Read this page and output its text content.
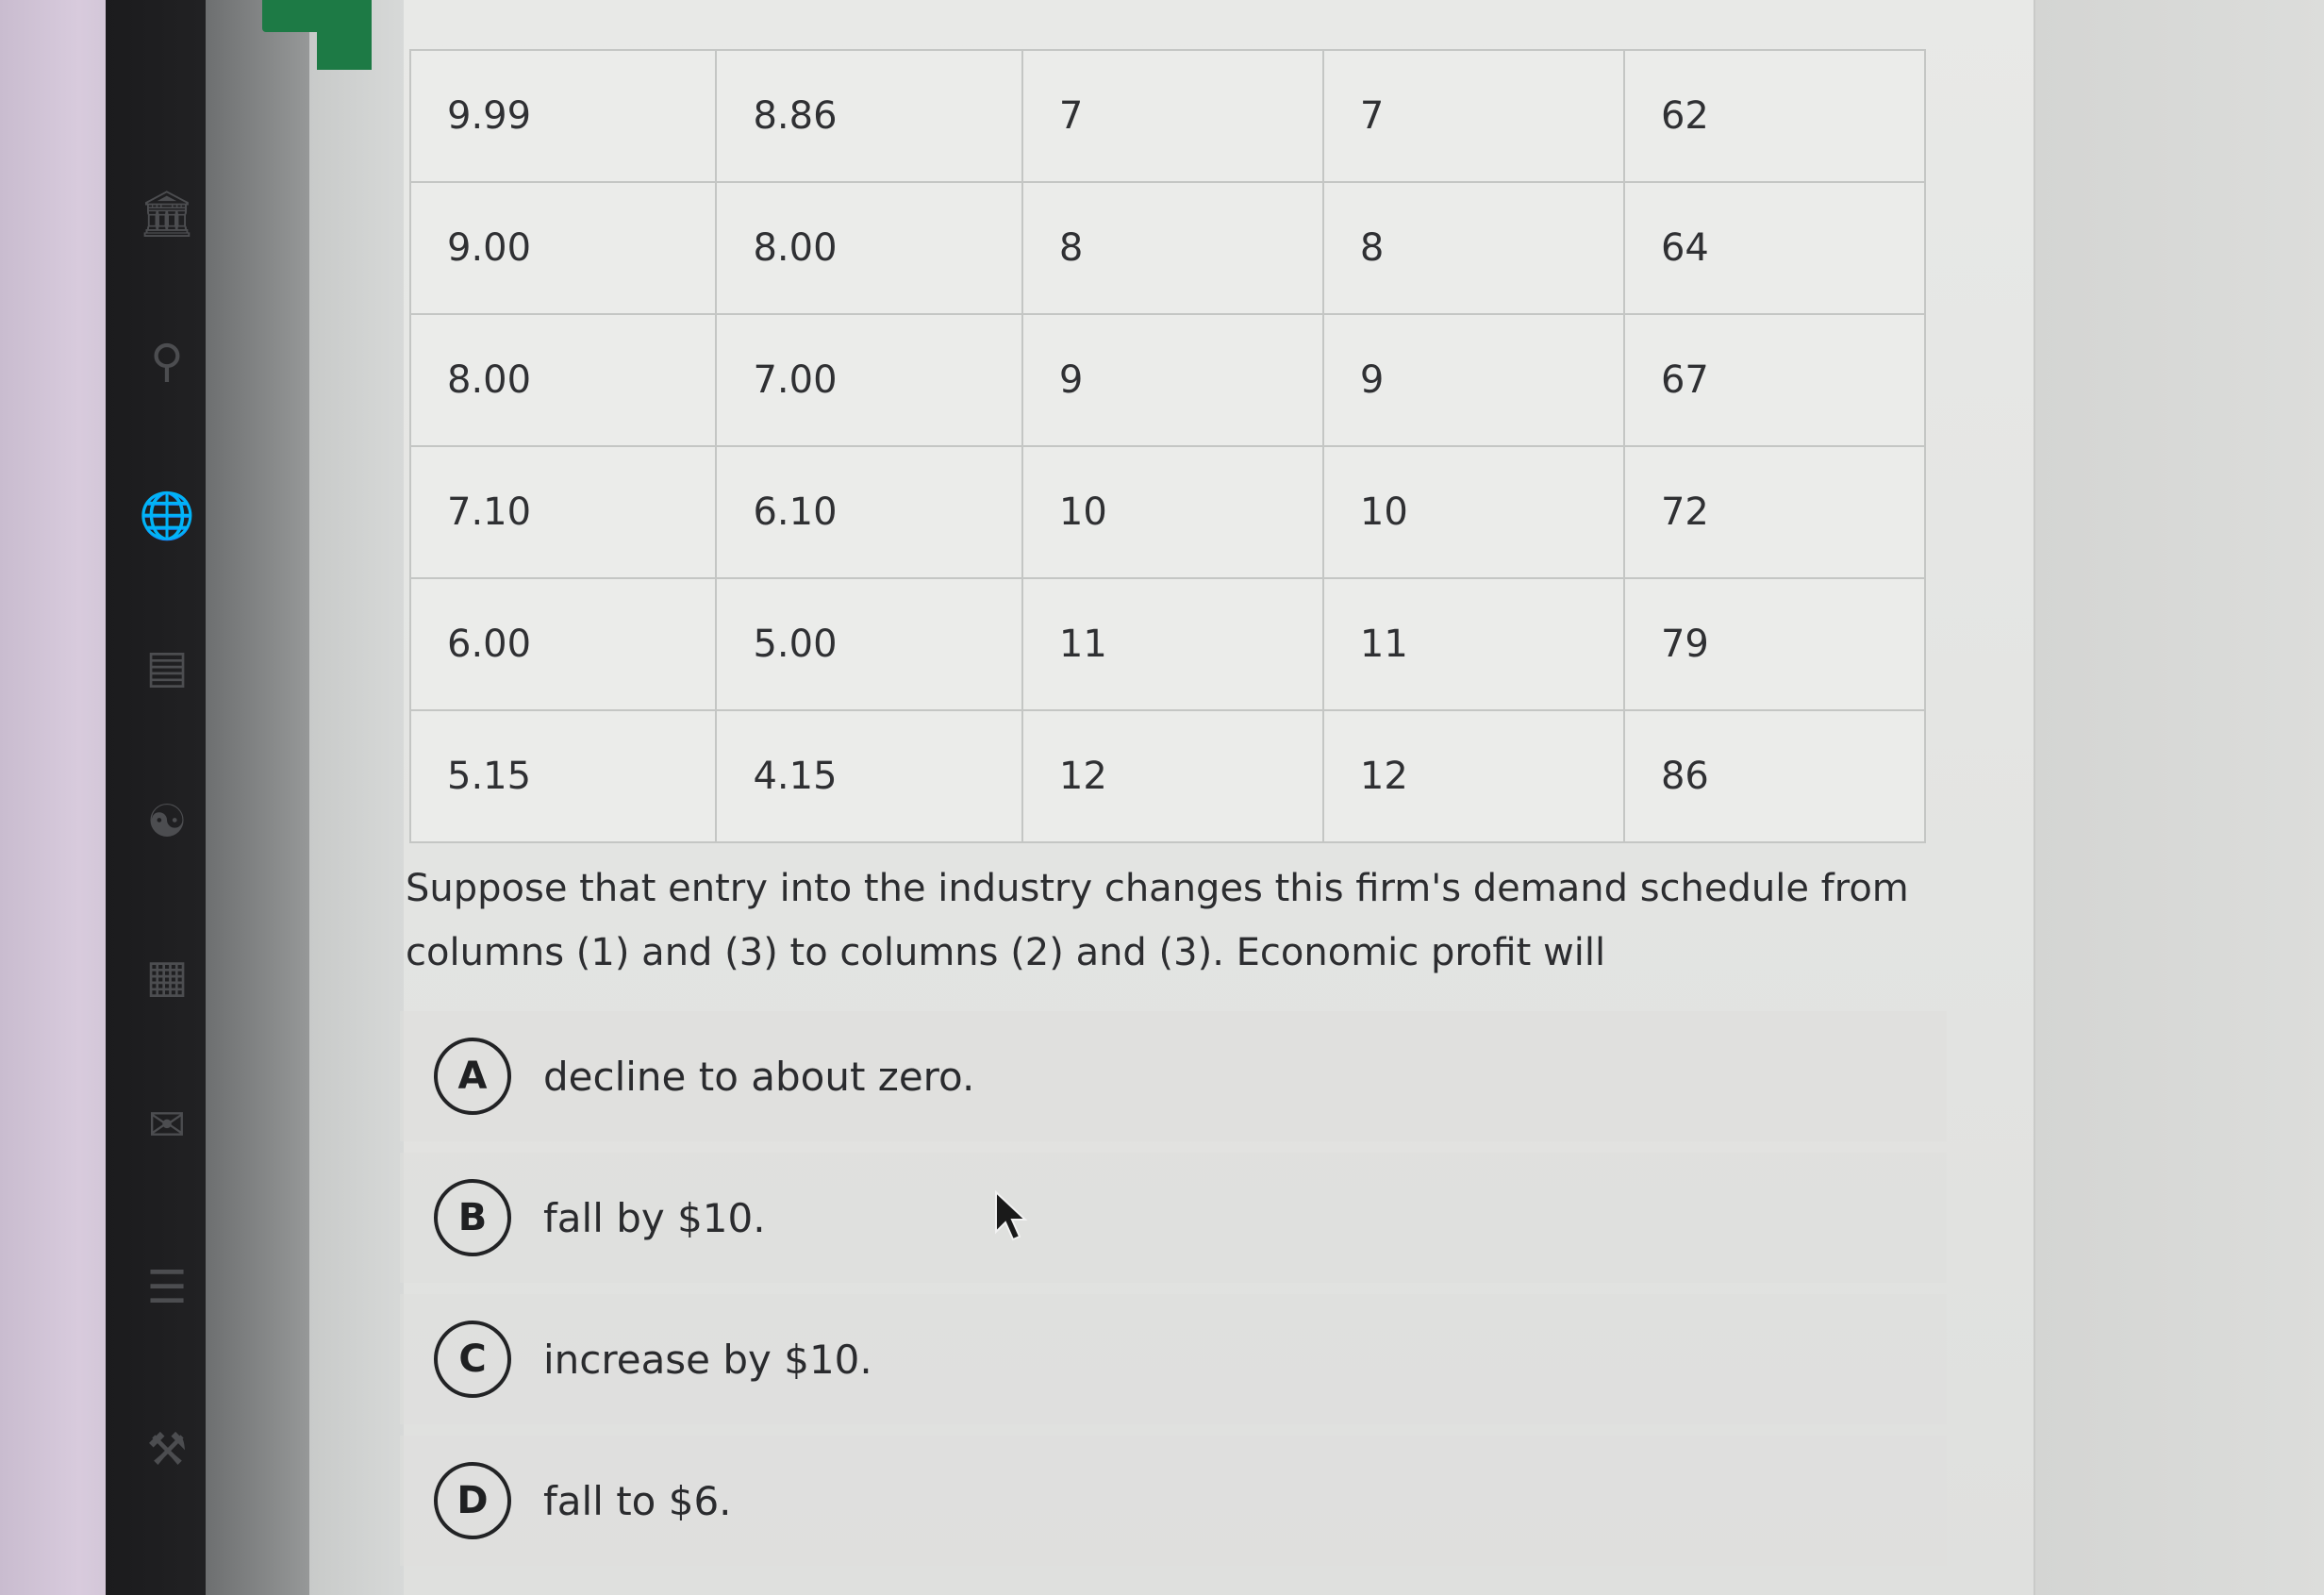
🏛
⚲
🌐
▤
☯
▦
✉
☰
⚒
9.99	8.86	7	7	62
9.00	8.00	8	8	64
8.00	7.00	9	9	67
7.10	6.10	10	10	72
6.00	5.00	11	11	79
5.15	4.15	12	12	86

Suppose that entry into the industry changes this firm's demand schedule from columns (1) and (3) to columns (2) and (3). Economic profit will

A	decline to about zero.
B	fall by $10.
C	increase by $10.
D	fall to $6.
